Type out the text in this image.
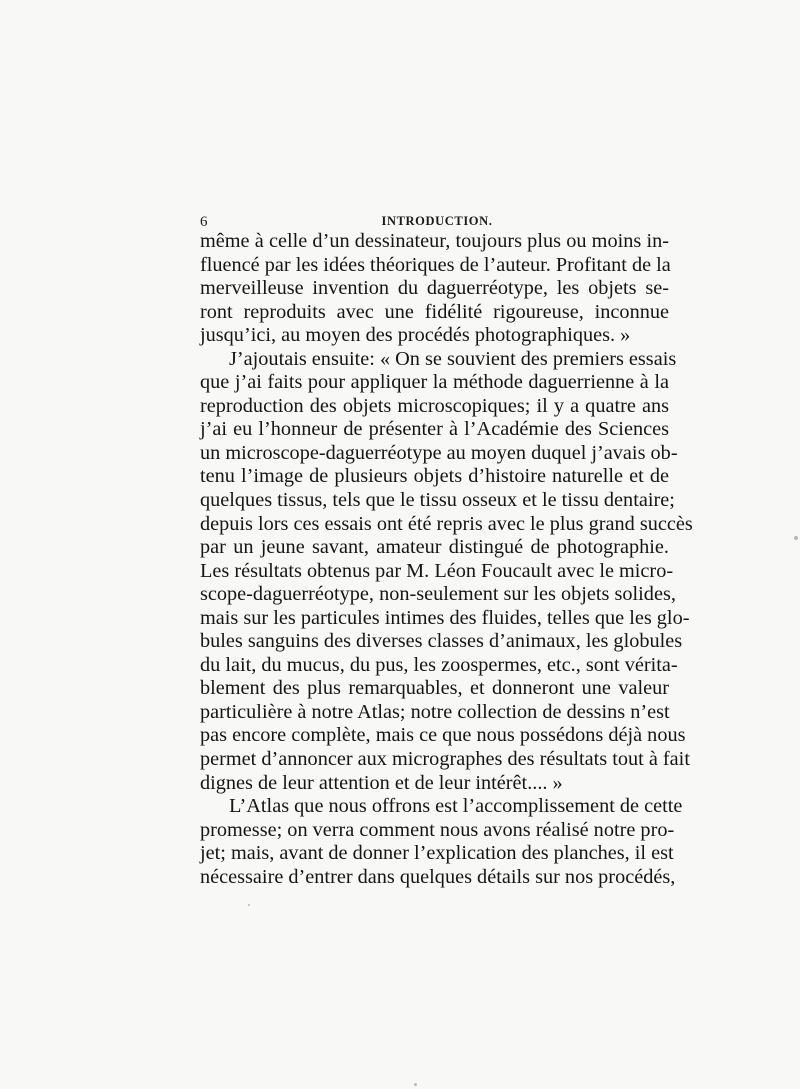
6	INTRODUCTION.
même à celle d’un dessinateur, toujours plus ou moins in-
fluencé par les idées théoriques de l’auteur. Profitant de la
merveilleuse invention du daguerréotype, les objets se-
ront reproduits avec une fidélité rigoureuse, inconnue
jusqu’ici, au moyen des procédés photographiques. »
J’ajoutais ensuite: « On se souvient des premiers essais
que j’ai faits pour appliquer la méthode daguerrienne à la
reproduction des objets microscopiques; il y a quatre ans
j’ai eu l’honneur de présenter à l’Académie des Sciences
un microscope-daguerréotype au moyen duquel j’avais ob-
tenu l’image de plusieurs objets d’histoire naturelle et de
quelques tissus, tels que le tissu osseux et le tissu dentaire;
depuis lors ces essais ont été repris avec le plus grand succès
par un jeune savant, amateur distingué de photographie.
Les résultats obtenus par M. Léon Foucault avec le micro-
scope-daguerréotype, non-seulement sur les objets solides,
mais sur les particules intimes des fluides, telles que les glo-
bules sanguins des diverses classes d’animaux, les globules
du lait, du mucus, du pus, les zoospermes, etc., sont vérita-
blement des plus remarquables, et donneront une valeur
particulière à notre Atlas; notre collection de dessins n’est
pas encore complète, mais ce que nous possédons déjà nous
permet d’annoncer aux micrographes des résultats tout à fait
dignes de leur attention et de leur intérêt.... »
L’Atlas que nous offrons est l’accomplissement de cette
promesse; on verra comment nous avons réalisé notre pro-
jet; mais, avant de donner l’explication des planches, il est
nécessaire d’entrer dans quelques détails sur nos procédés,
